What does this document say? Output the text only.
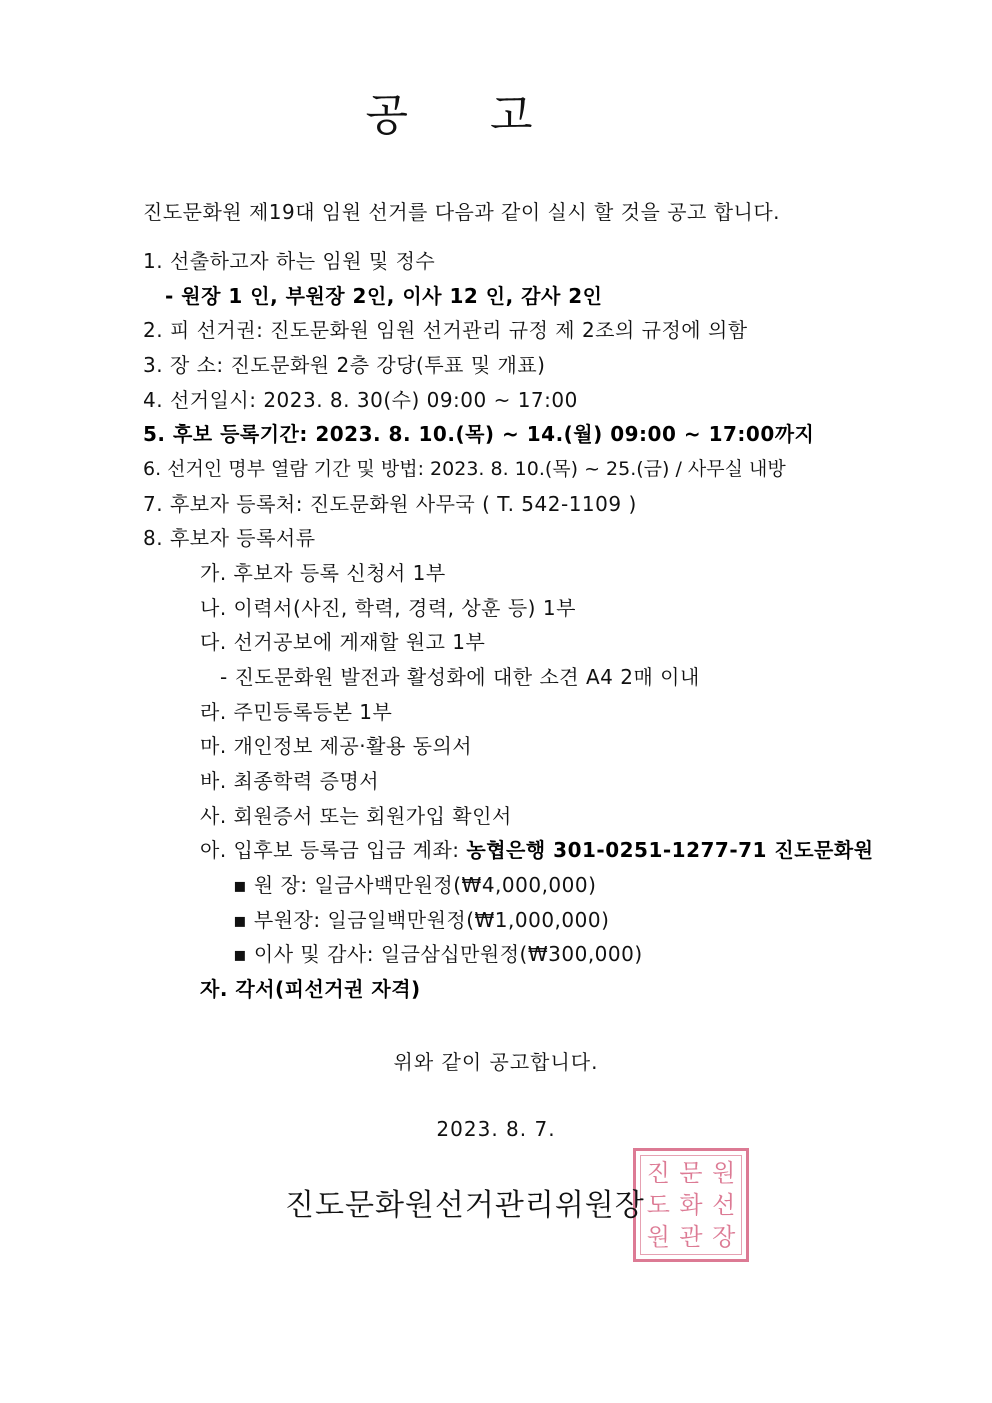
공 고
진도문화원 제19대 임원 선거를 다음과 같이 실시 할 것을 공고 합니다.
1. 선출하고자 하는 임원 및 정수
- 원장 1 인, 부원장 2인, 이사 12 인, 감사 2인
2. 피 선거권: 진도문화원 임원 선거관리 규정 제 2조의 규정에 의함
3. 장 소: 진도문화원 2층 강당(투표 및 개표)
4. 선거일시: 2023. 8. 30(수) 09:00 ~ 17:00
5. 후보 등록기간: 2023. 8. 10.(목) ~ 14.(월) 09:00 ~ 17:00까지
6. 선거인 명부 열람 기간 및 방법: 2023. 8. 10.(목) ~ 25.(금) / 사무실 내방
7. 후보자 등록처: 진도문화원 사무국 ( T. 542-1109 )
8. 후보자 등록서류
가. 후보자 등록 신청서 1부
나. 이력서(사진, 학력, 경력, 상훈 등) 1부
다. 선거공보에 게재할 원고 1부
- 진도문화원 발전과 활성화에 대한 소견 A4 2매 이내
라. 주민등록등본 1부
마. 개인정보 제공·활용 동의서
바. 최종학력 증명서
사. 회원증서 또는 회원가입 확인서
아. 입후보 등록금 입금 계좌: 농협은행 301-0251-1277-71 진도문화원
▪ 원 장: 일금사백만원정(₩4,000,000)
▪ 부원장: 일금일백만원정(₩1,000,000)
▪ 이사 및 감사: 일금삼십만원정(₩300,000)
자. 각서(피선거권 자격)
위와 같이 공고합니다.
2023. 8. 7.
진도문화원선거관리위원장
진 문 원
도 화 선
원 관 장
